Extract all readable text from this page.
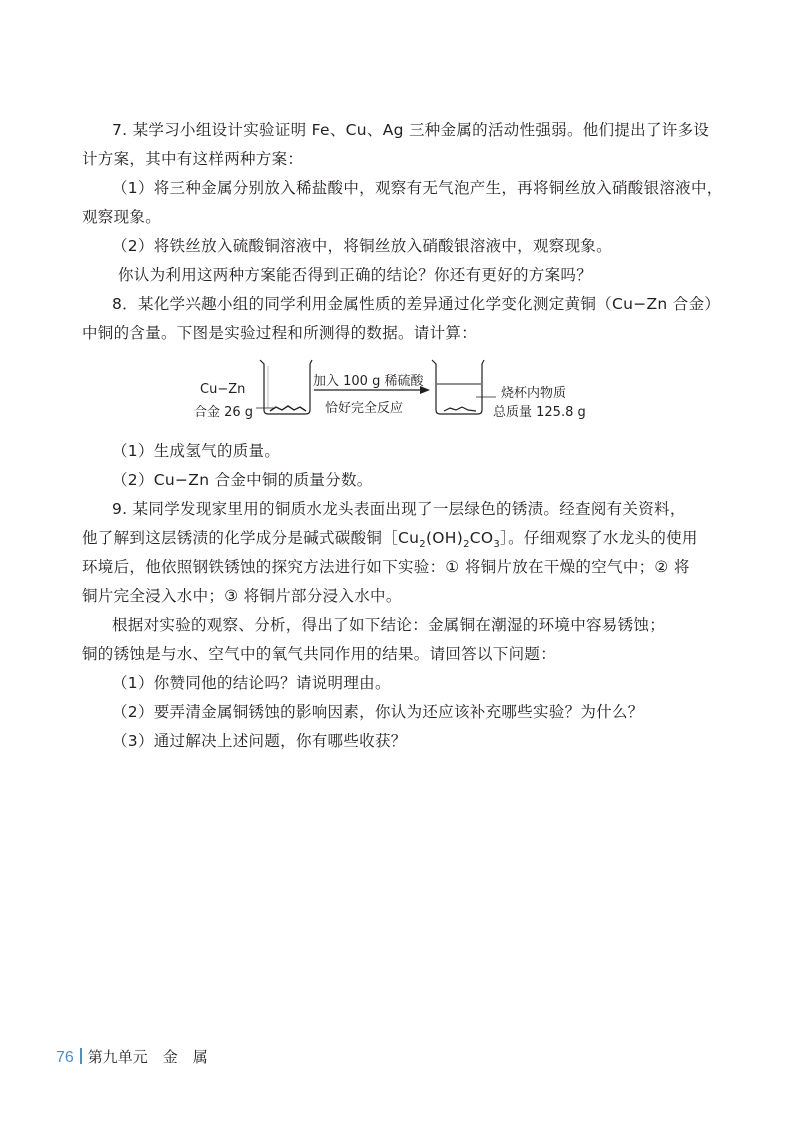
7. 某学习小组设计实验证明 Fe、Cu、Ag 三种金属的活动性强弱。他们提出了许多设
计方案，其中有这样两种方案：
（1）将三种金属分别放入稀盐酸中，观察有无气泡产生，再将铜丝放入硝酸银溶液中，
观察现象。
（2）将铁丝放入硫酸铜溶液中，将铜丝放入硝酸银溶液中，观察现象。
你认为利用这两种方案能否得到正确的结论？你还有更好的方案吗？
8．某化学兴趣小组的同学利用金属性质的差异通过化学变化测定黄铜（Cu−Zn 合金）
中铜的含量。下图是实验过程和所测得的数据。请计算：
Cu−Zn
合金 26 g
加入 100 g 稀硫酸
恰好完全反应
烧杯内物质
总质量 125.8 g
（1）生成氢气的质量。
（2）Cu−Zn 合金中铜的质量分数。
9. 某同学发现家里用的铜质水龙头表面出现了一层绿色的锈渍。经查阅有关资料，
他了解到这层锈渍的化学成分是碱式碳酸铜$[Cu_2(OH)_2CO_3]$。仔细观察了水龙头的使用
环境后，他依照钢铁锈蚀的探究方法进行如下实验：① 将铜片放在干燥的空气中；② 将
铜片完全浸入水中；③ 将铜片部分浸入水中。
根据对实验的观察、分析，得出了如下结论：金属铜在潮湿的环境中容易锈蚀；
铜的锈蚀是与水、空气中的氧气共同作用的结果。请回答以下问题：
（1）你赞同他的结论吗？请说明理由。
（2）要弄清金属铜锈蚀的影响因素，你认为还应该补充哪些实验？为什么？
（3）通过解决上述问题，你有哪些收获？
76 第九单元　金　属
